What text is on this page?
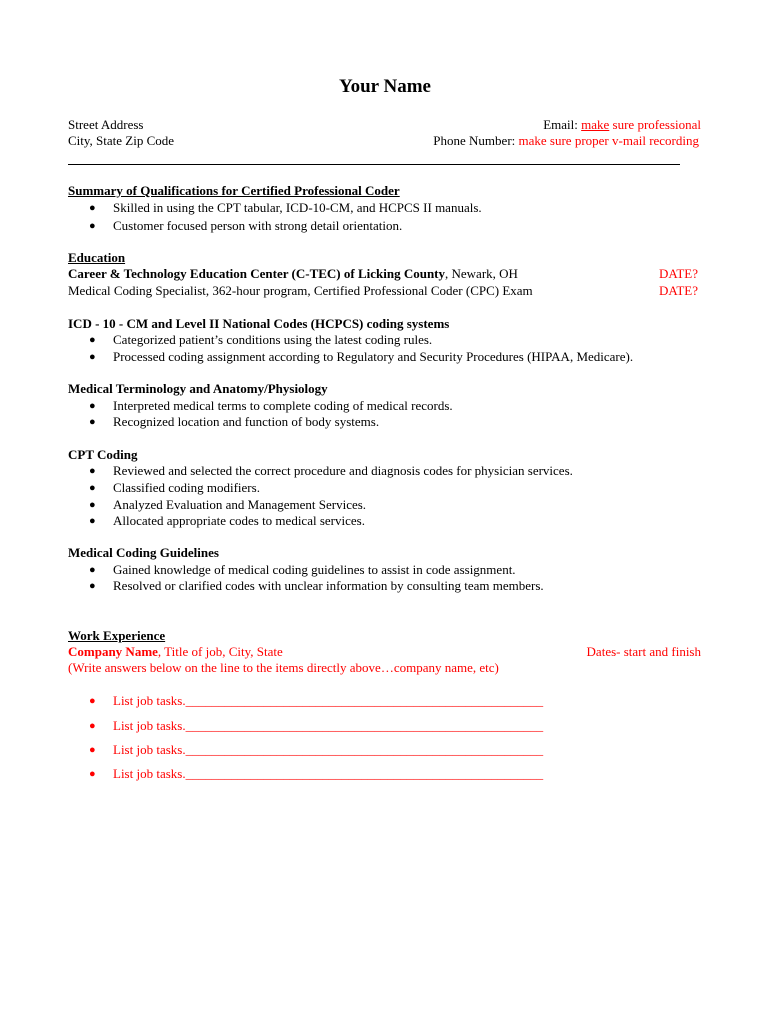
Your Name
Street Address
City, State Zip Code
Email: make sure professional
Phone Number: make sure proper v-mail recording
Summary of Qualifications for Certified Professional Coder
● Skilled in using the CPT tabular, ICD-10-CM, and HCPCS II manuals.
● Customer focused person with strong detail orientation.
Education
Career & Technology Education Center (C-TEC) of Licking County, Newark, OH	DATE?
Medical Coding Specialist, 362-hour program, Certified Professional Coder (CPC) Exam	DATE?
ICD - 10 - CM and Level II National Codes (HCPCS) coding systems
● Categorized patient’s conditions using the latest coding rules.
● Processed coding assignment according to Regulatory and Security Procedures (HIPAA, Medicare).
Medical Terminology and Anatomy/Physiology
● Interpreted medical terms to complete coding of medical records.
● Recognized location and function of body systems.
CPT Coding
● Reviewed and selected the correct procedure and diagnosis codes for physician services.
● Classified coding modifiers.
● Analyzed Evaluation and Management Services.
● Allocated appropriate codes to medical services.
Medical Coding Guidelines
● Gained knowledge of medical coding guidelines to assist in code assignment.
● Resolved or clarified codes with unclear information by consulting team members.
Work Experience
Company Name, Title of job, City, State	Dates- start and finish
(Write answers below on the line to the items directly above…company name, etc)
● List job tasks._______________________________________________________
● List job tasks._______________________________________________________
● List job tasks._______________________________________________________
● List job tasks._______________________________________________________
